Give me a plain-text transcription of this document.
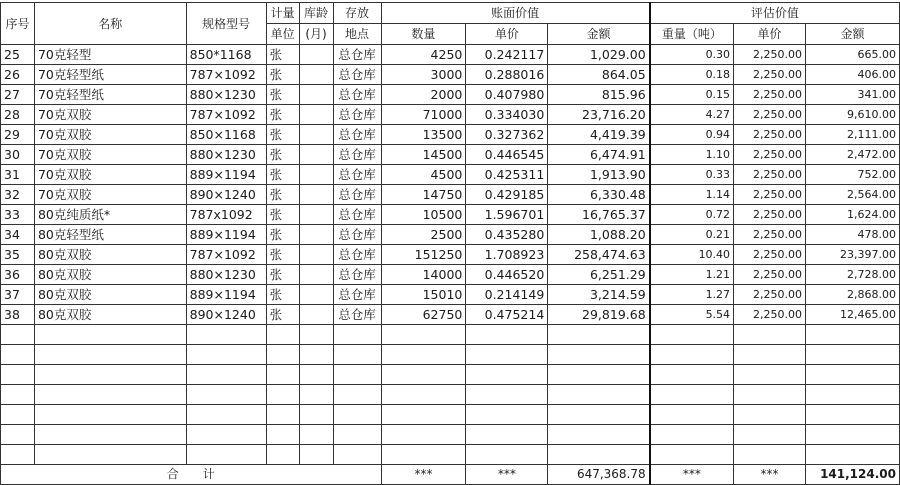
序号	名称	规格型号	计量	库龄	存放	账面价值			评估价值		
			单位	(月)	地点	数量	单价	金额	重量（吨）	单价	金额
25	70克轻型	850*1168	张		总仓库	4250	0.242117	1,029.00	0.30	2,250.00	665.00
26	70克轻型纸	787×1092	张		总仓库	3000	0.288016	864.05	0.18	2,250.00	406.00
27	70克轻型纸	880×1230	张		总仓库	2000	0.407980	815.96	0.15	2,250.00	341.00
28	70克双胶	787×1092	张		总仓库	71000	0.334030	23,716.20	4.27	2,250.00	9,610.00
29	70克双胶	850×1168	张		总仓库	13500	0.327362	4,419.39	0.94	2,250.00	2,111.00
30	70克双胶	880×1230	张		总仓库	14500	0.446545	6,474.91	1.10	2,250.00	2,472.00
31	70克双胶	889×1194	张		总仓库	4500	0.425311	1,913.90	0.33	2,250.00	752.00
32	70克双胶	890×1240	张		总仓库	14750	0.429185	6,330.48	1.14	2,250.00	2,564.00
33	80克纯质纸*	787x1092	张		总仓库	10500	1.596701	16,765.37	0.72	2,250.00	1,624.00
34	80克轻型纸	889×1194	张		总仓库	2500	0.435280	1,088.20	0.21	2,250.00	478.00
35	80克双胶	787×1092	张		总仓库	151250	1.708923	258,474.63	10.40	2,250.00	23,397.00
36	80克双胶	880×1230	张		总仓库	14000	0.446520	6,251.29	1.21	2,250.00	2,728.00
37	80克双胶	889×1194	张		总仓库	15010	0.214149	3,214.59	1.27	2,250.00	2,868.00
38	80克双胶	890×1240	张		总仓库	62750	0.475214	29,819.68	5.54	2,250.00	12,465.00

合　　计						***	***	647,368.78	***	***	141,124.00
